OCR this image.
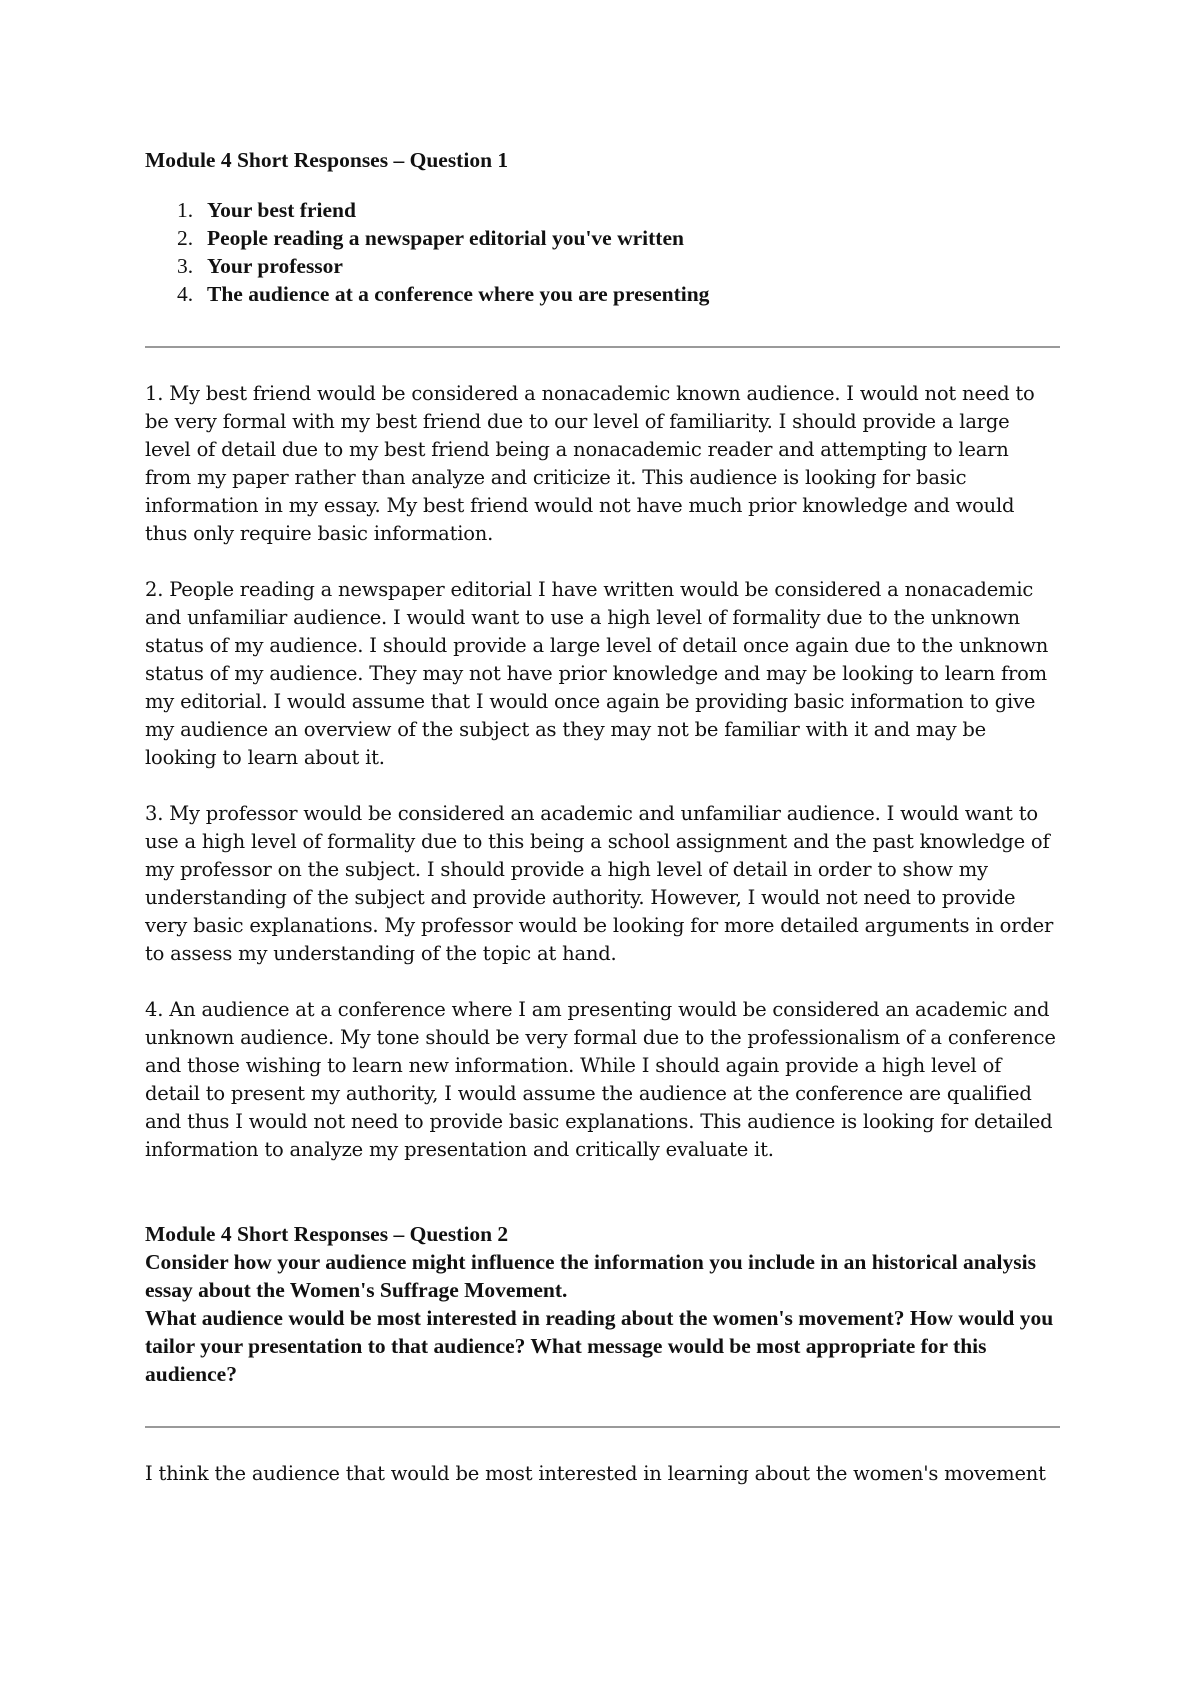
Module 4 Short Responses – Question 1

1. Your best friend
2. People reading a newspaper editorial you've written
3. Your professor
4. The audience at a conference where you are presenting

1. My best friend would be considered a nonacademic known audience. I would not need to be very formal with my best friend due to our level of familiarity. I should provide a large level of detail due to my best friend being a nonacademic reader and attempting to learn from my paper rather than analyze and criticize it. This audience is looking for basic information in my essay. My best friend would not have much prior knowledge and would thus only require basic information.

2. People reading a newspaper editorial I have written would be considered a nonacademic and unfamiliar audience. I would want to use a high level of formality due to the unknown status of my audience. I should provide a large level of detail once again due to the unknown status of my audience. They may not have prior knowledge and may be looking to learn from my editorial. I would assume that I would once again be providing basic information to give my audience an overview of the subject as they may not be familiar with it and may be looking to learn about it.

3. My professor would be considered an academic and unfamiliar audience. I would want to use a high level of formality due to this being a school assignment and the past knowledge of my professor on the subject. I should provide a high level of detail in order to show my understanding of the subject and provide authority. However, I would not need to provide very basic explanations. My professor would be looking for more detailed arguments in order to assess my understanding of the topic at hand.

4. An audience at a conference where I am presenting would be considered an academic and unknown audience. My tone should be very formal due to the professionalism of a conference and those wishing to learn new information. While I should again provide a high level of detail to present my authority, I would assume the audience at the conference are qualified and thus I would not need to provide basic explanations. This audience is looking for detailed information to analyze my presentation and critically evaluate it.

Module 4 Short Responses – Question 2

Consider how your audience might influence the information you include in an historical analysis essay about the Women's Suffrage Movement.

What audience would be most interested in reading about the women's movement? How would you tailor your presentation to that audience? What message would be most appropriate for this audience?

I think the audience that would be most interested in learning about the women's movement
